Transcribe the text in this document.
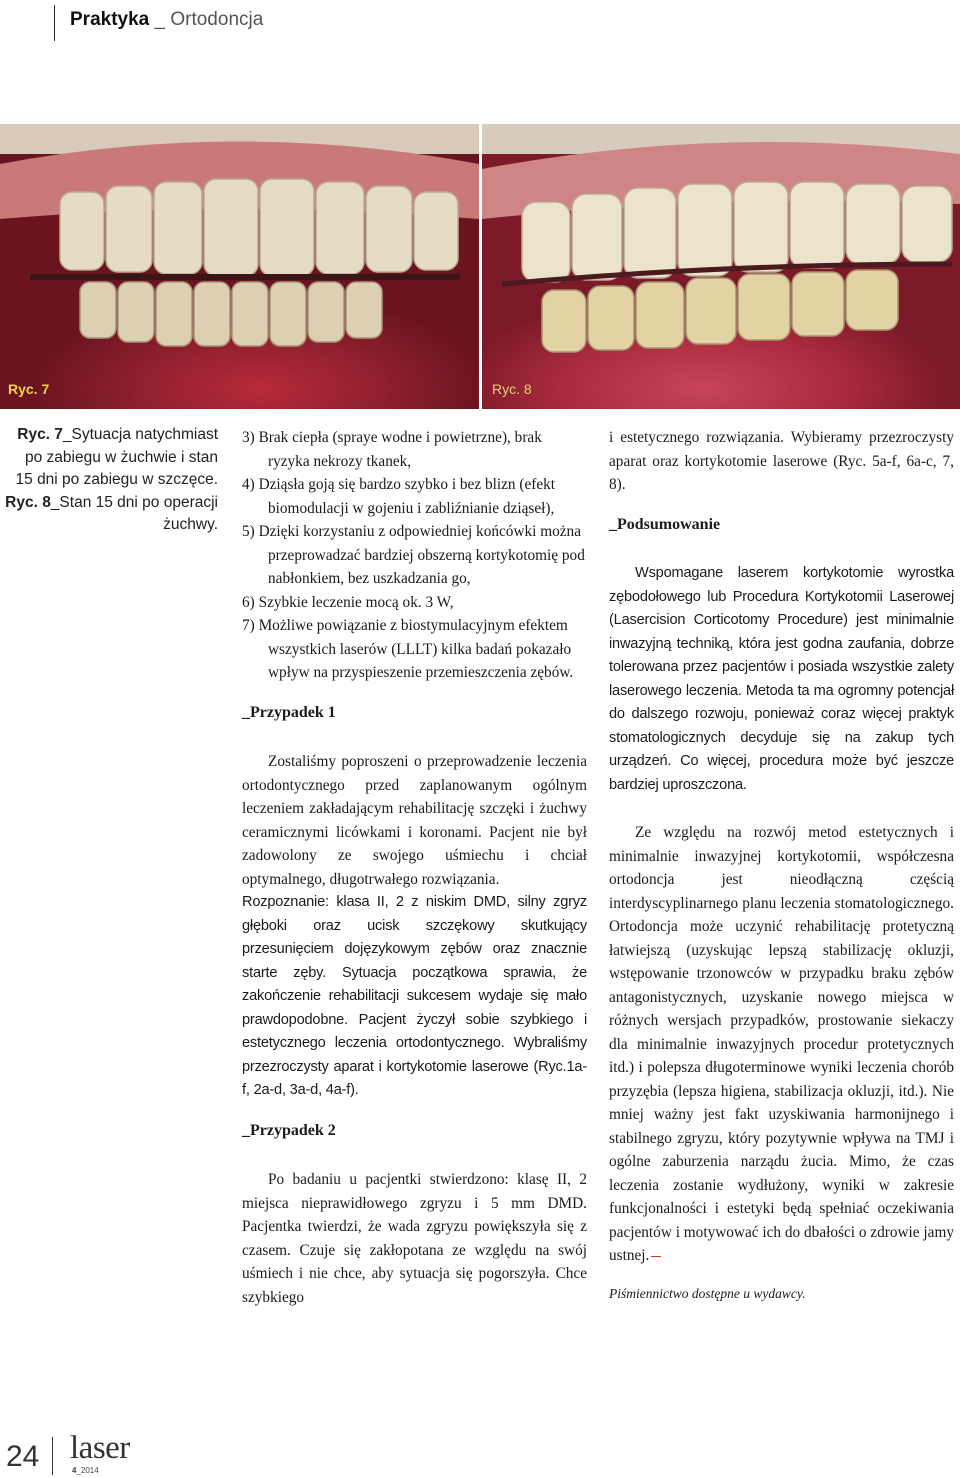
Praktyka _ Ortodoncja
Ryc. 7	Ryc. 8

Ryc. 7_Sytuacja natychmiast po zabiegu w żuchwie i stan 15 dni po zabiegu w szczęce.

Ryc. 8_Stan 15 dni po operacji żuchwy.

3) Brak ciepła (spraye wodne i powietrzne), brak ryzyka nekrozy tkanek,

4) Dziąsła goją się bardzo szybko i bez blizn (efekt biomodulacji w gojeniu i zabliźnianie dziąseł),

5) Dzięki korzystaniu z odpowiedniej końcówki można przeprowadzać bardziej obszerną kortykotomię pod nabłonkiem, bez uszkadzania go,

6) Szybkie leczenie mocą ok. 3 W,

7) Możliwe powiązanie z biostymulacyjnym efektem wszystkich laserów (LLLT) kilka badań pokazało wpływ na przyspieszenie przemieszczenia zębów.

_Przypadek 1

Zostaliśmy poproszeni o przeprowadzenie leczenia ortodontycznego przed zaplanowanym ogólnym leczeniem zakładającym rehabilitację szczęki i żuchwy ceramicznymi licówkami i koronami. Pacjent nie był zadowolony ze swojego uśmiechu i chciał optymalnego, długotrwałego rozwiązania.

Rozpoznanie: klasa II, 2 z niskim DMD, silny zgryz głęboki oraz ucisk szczękowy skutkujący przesunięciem dojęzykowym zębów oraz znacznie starte zęby. Sytuacja początkowa sprawia, że zakończenie rehabilitacji sukcesem wydaje się mało prawdopodobne. Pacjent życzył sobie szybkiego i estetycznego leczenia ortodontycznego. Wybraliśmy przezroczysty aparat i kortykotomie laserowe (Ryc.1a-f, 2a-d, 3a-d, 4a-f).

_Przypadek 2

Po badaniu u pacjentki stwierdzono: klasę II, 2 miejsca nieprawidłowego zgryzu i 5 mm DMD. Pacjentka twierdzi, że wada zgryzu powiększyła się z czasem. Czuje się zakłopotana ze względu na swój uśmiech i nie chce, aby sytuacja się pogorszyła. Chce szybkiego

i estetycznego rozwiązania. Wybieramy przezroczysty aparat oraz kortykotomie laserowe (Ryc. 5a-f, 6a-c, 7, 8).

_Podsumowanie

Wspomagane laserem kortykotomie wyrostka zębodołowego lub Procedura Kortykotomii Laserowej (Lasercision Corticotomy Procedure) jest minimalnie inwazyjną techniką, która jest godna zaufania, dobrze tolerowana przez pacjentów i posiada wszystkie zalety laserowego leczenia. Metoda ta ma ogromny potencjał do dalszego rozwoju, ponieważ coraz więcej praktyk stomatologicznych decyduje się na zakup tych urządzeń. Co więcej, procedura może być jeszcze bardziej uproszczona.

Ze względu na rozwój metod estetycznych i minimalnie inwazyjnej kortykotomii, współczesna ortodoncja jest nieodłączną częścią interdyscyplinarnego planu leczenia stomatologicznego. Ortodoncja może uczynić rehabilitację protetyczną łatwiejszą (uzyskując lepszą stabilizację okluzji, wstępowanie trzonowców w przypadku braku zębów antagonistycznych, uzyskanie nowego miejsca w różnych wersjach przypadków, prostowanie siekaczy dla minimalnie inwazyjnych procedur protetycznych itd.) i polepsza długoterminowe wyniki leczenia chorób przyzębia (lepsza higiena, stabilizacja okluzji, itd.). Nie mniej ważny jest fakt uzyskiwania harmonijnego i stabilnego zgryzu, który pozytywnie wpływa na TMJ i ogólne zaburzenia narządu żucia. Mimo, że czas leczenia zostanie wydłużony, wyniki w zakresie funkcjonalności i estetyki będą spełniać oczekiwania pacjentów i motywować ich do dbałości o zdrowie jamy ustnej.

Piśmiennictwo dostępne u wydawcy.

24 laser
4_2014
